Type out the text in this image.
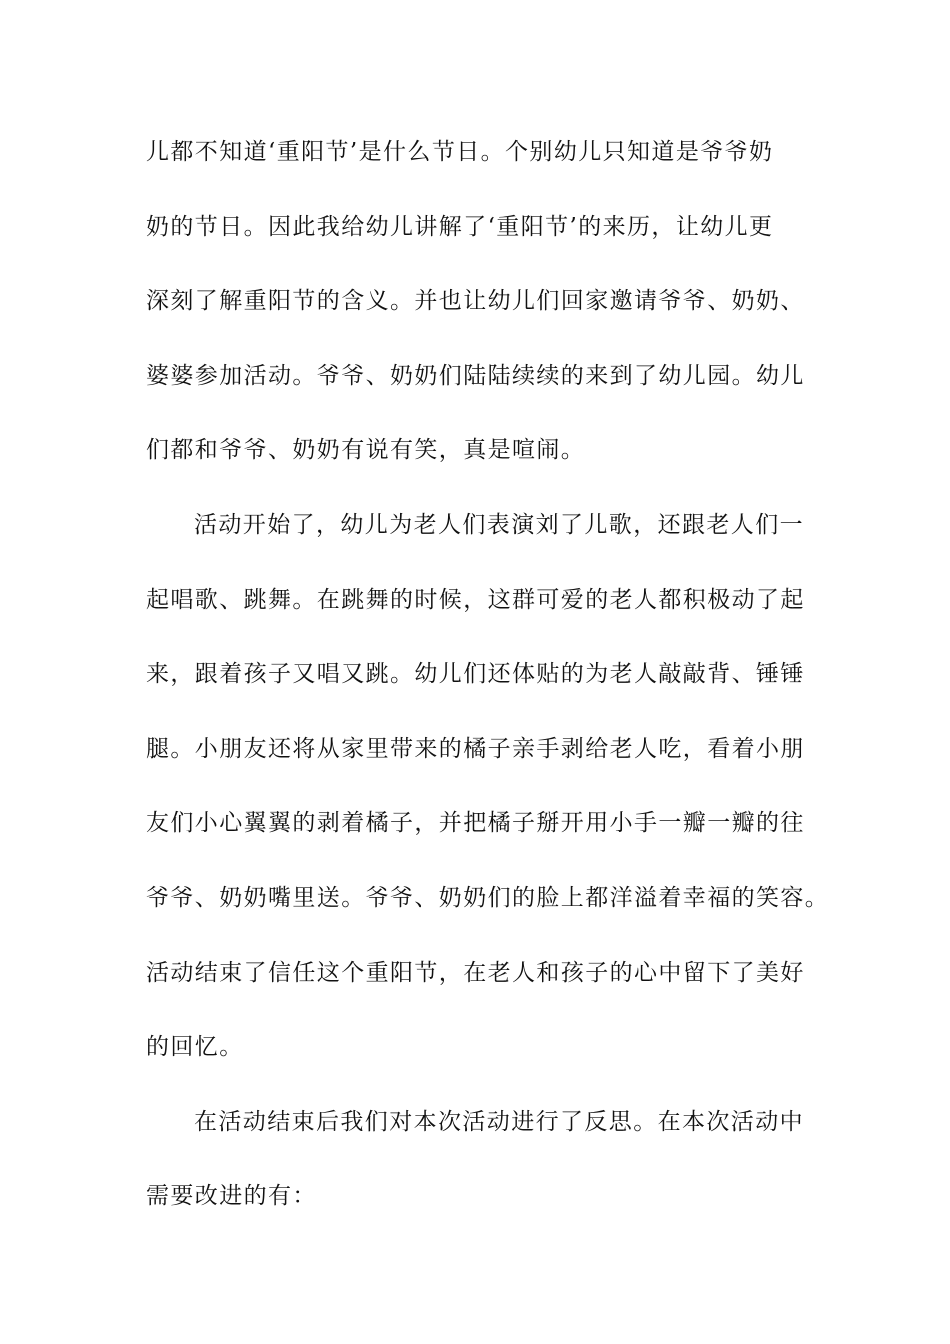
儿都不知道‘重阳节’是什么节日。个别幼儿只知道是爷爷奶
奶的节日。因此我给幼儿讲解了‘重阳节’的来历，让幼儿更
深刻了解重阳节的含义。并也让幼儿们回家邀请爷爷、奶奶、
婆婆参加活动。爷爷、奶奶们陆陆续续的来到了幼儿园。幼儿
们都和爷爷、奶奶有说有笑，真是喧闹。
活动开始了，幼儿为老人们表演刘了儿歌，还跟老人们一
起唱歌、跳舞。在跳舞的时候，这群可爱的老人都积极动了起
来，跟着孩子又唱又跳。幼儿们还体贴的为老人敲敲背、锤锤
腿。小朋友还将从家里带来的橘子亲手剥给老人吃，看着小朋
友们小心翼翼的剥着橘子，并把橘子掰开用小手一瓣一瓣的往
爷爷、奶奶嘴里送。爷爷、奶奶们的脸上都洋溢着幸福的笑容。
活动结束了信任这个重阳节，在老人和孩子的心中留下了美好
的回忆。
在活动结束后我们对本次活动进行了反思。在本次活动中
需要改进的有：
